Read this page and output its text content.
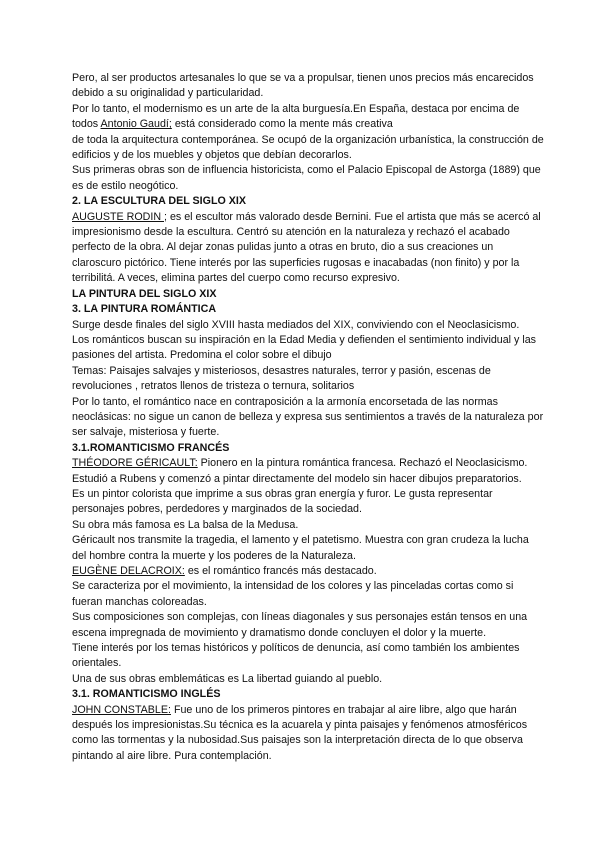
Pero, al ser productos artesanales lo que se va a propulsar, tienen unos precios más encarecidos debido a su originalidad y particularidad.

Por lo tanto, el modernismo es un arte de la alta burguesía.En España, destaca por encima de todos Antonio Gaudí; está considerado como la mente más creativa

de toda la arquitectura contemporánea. Se ocupó de la organización urbanística, la construcción de edificios y de los muebles y objetos que debían decorarlos.

Sus primeras obras son de influencia historicista, como el Palacio Episcopal de Astorga (1889) que es de estilo neogótico.

2. LA ESCULTURA DEL SIGLO XIX

AUGUSTE RODIN ; es el escultor más valorado desde Bernini. Fue el artista que más se acercó al impresionismo desde la escultura. Centró su atención en la naturaleza y rechazó el acabado perfecto de la obra. Al dejar zonas pulidas junto a otras en bruto, dio a sus creaciones un claroscuro pictórico. Tiene interés por las superficies rugosas e inacabadas (non finito) y por la terribilitá. A veces, elimina partes del cuerpo como recurso expresivo.

LA PINTURA DEL SIGLO XIX
3. LA PINTURA ROMÁNTICA

Surge desde finales del siglo XVIII hasta mediados del XIX, conviviendo con el Neoclasicismo.

Los románticos buscan su inspiración en la Edad Media y defienden el sentimiento individual y las pasiones del artista. Predomina el color sobre el dibujo

Temas: Paisajes salvajes y misteriosos, desastres naturales, terror y pasión, escenas de revoluciones , retratos llenos de tristeza o ternura, solitarios

Por lo tanto, el romántico nace en contraposición a la armonía encorsetada de las normas neoclásicas: no sigue un canon de belleza y expresa sus sentimientos a través de la naturaleza por ser salvaje, misteriosa y fuerte.

3.1.ROMANTICISMO FRANCÉS

THÉODORE GÉRICAULT: Pionero en la pintura romántica francesa. Rechazó el Neoclasicismo. Estudió a Rubens y comenzó a pintar directamente del modelo sin hacer dibujos preparatorios.

Es un pintor colorista que imprime a sus obras gran energía y furor. Le gusta representar personajes pobres, perdedores y marginados de la sociedad.

Su obra más famosa es La balsa de la Medusa.

Géricault nos transmite la tragedia, el lamento y el patetismo. Muestra con gran crudeza la lucha del hombre contra la muerte y los poderes de la Naturaleza.

EUGÈNE DELACROIX: es el romántico francés más destacado.

Se caracteriza por el movimiento, la intensidad de los colores y las pinceladas cortas como si fueran manchas coloreadas.

Sus composiciones son complejas, con líneas diagonales y sus personajes están tensos en una escena impregnada de movimiento y dramatismo donde concluyen el dolor y la muerte.

Tiene interés por los temas históricos y políticos de denuncia, así como también los ambientes orientales.

Una de sus obras emblemáticas es La libertad guiando al pueblo.

3.1. ROMANTICISMO INGLÉS

JOHN CONSTABLE: Fue uno de los primeros pintores en trabajar al aire libre, algo que harán después los impresionistas.Su técnica es la acuarela y pinta paisajes y fenómenos atmosféricos como las tormentas y la nubosidad.Sus paisajes son la interpretación directa de lo que observa pintando al aire libre. Pura contemplación.
